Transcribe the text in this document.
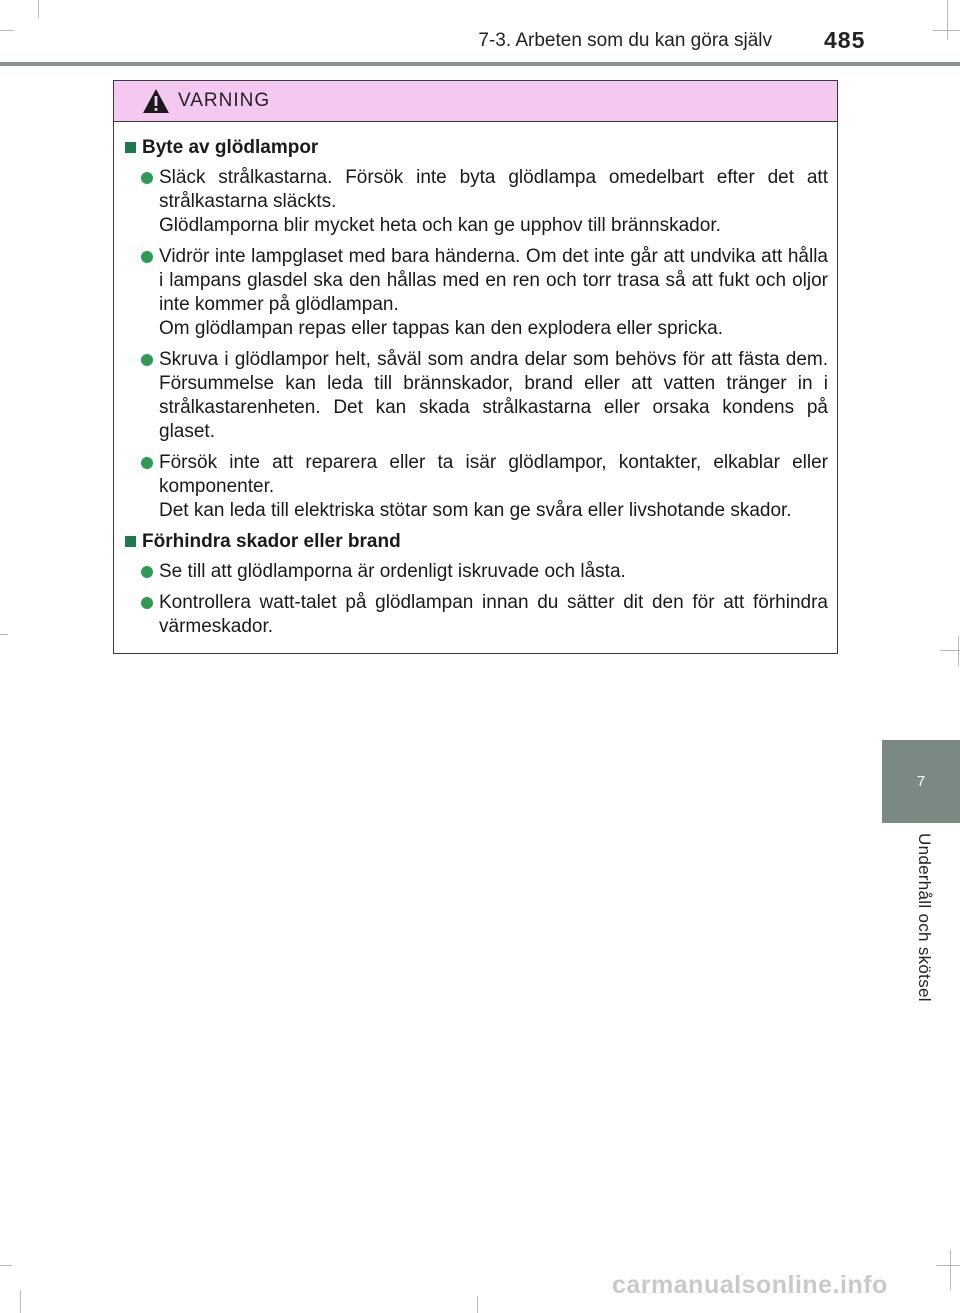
7-3. Arbeten som du kan göra själv 485
7
Underhåll och skötsel
VARNING
Byte av glödlampor

Släck strålkastarna. Försök inte byta glödlampa omedelbart efter det att strålkastarna släckts.

Glödlamporna blir mycket heta och kan ge upphov till brännskador.

Vidrör inte lampglaset med bara händerna. Om det inte går att undvika att hålla i lampans glasdel ska den hållas med en ren och torr trasa så att fukt och oljor inte kommer på glödlampan.

Om glödlampan repas eller tappas kan den explodera eller spricka.

Skruva i glödlampor helt, såväl som andra delar som behövs för att fästa dem. Försummelse kan leda till brännskador, brand eller att vatten tränger in i strålkastarenheten. Det kan skada strålkastarna eller orsaka kondens på glaset.

Försök inte att reparera eller ta isär glödlampor, kontakter, elkablar eller komponenter.

Det kan leda till elektriska stötar som kan ge svåra eller livshotande skador.

Förhindra skador eller brand

Se till att glödlamporna är ordenligt iskruvade och låsta.

Kontrollera watt-talet på glödlampan innan du sätter dit den för att förhindra värmeskador.

carmanualsonline.info
